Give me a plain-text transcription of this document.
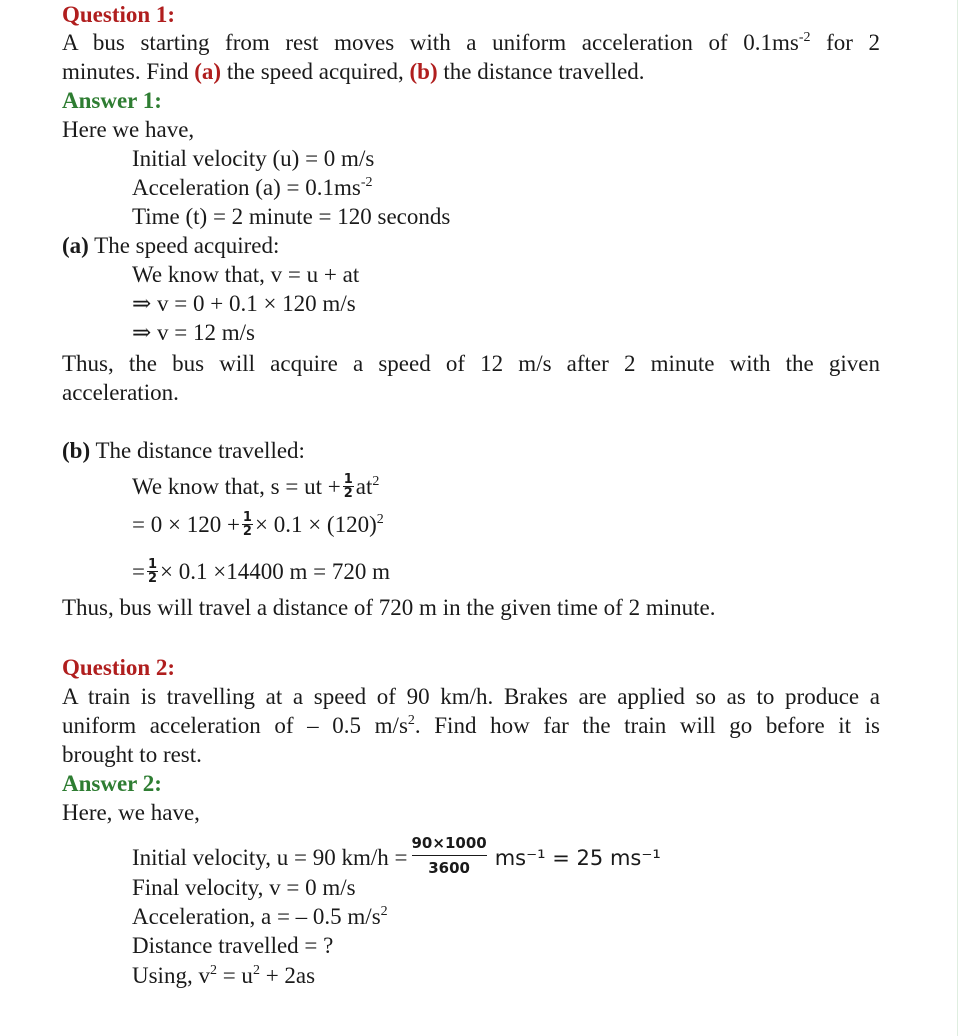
Question 1:
A bus starting from rest moves with a uniform acceleration of $0.1ms^{-2}$ for 2
minutes. Find (a) the speed acquired, (b) the distance travelled.
Answer 1:
Here we have,
Initial velocity (u) = 0 m/s
Acceleration $(a) = 0.1ms^{-2}$
Time (t) = 2 minute = 120 seconds
(a) The speed acquired:
We know that, v = u + at
⇒ v = 0 + 0.1 × 120 m/s
⇒ v = 12 m/s
Thus, the bus will acquire a speed of 12 m/s after 2 minute with the given
acceleration.
(b) The distance travelled:
We know that, s = ut + $\frac{1}{2} at^2$
= $0 \times 120 + \frac{1}{2} \times 0.1 \times (120)^2$
= $\frac{1}{2} \times 0.1 \times 14400$ m = 720 m
Thus, bus will travel a distance of 720 m in the given time of 2 minute.
Question 2:
A train is travelling at a speed of 90 km/h. Brakes are applied so as to produce a
uniform acceleration of – 0.5 $m/s^2$. Find how far the train will go before it is
brought to rest.
Answer 2:
Here, we have,
Initial velocity, u = 90 $km/h = \frac{90\times 1000}{3600} ms^{-1} = 25$ ms⁻¹
Final velocity, v = 0 m/s
Acceleration, a = – 0.5 $m/s^2$
Distance travelled = ?
Using, $v^2 = u^2 + 2as$
